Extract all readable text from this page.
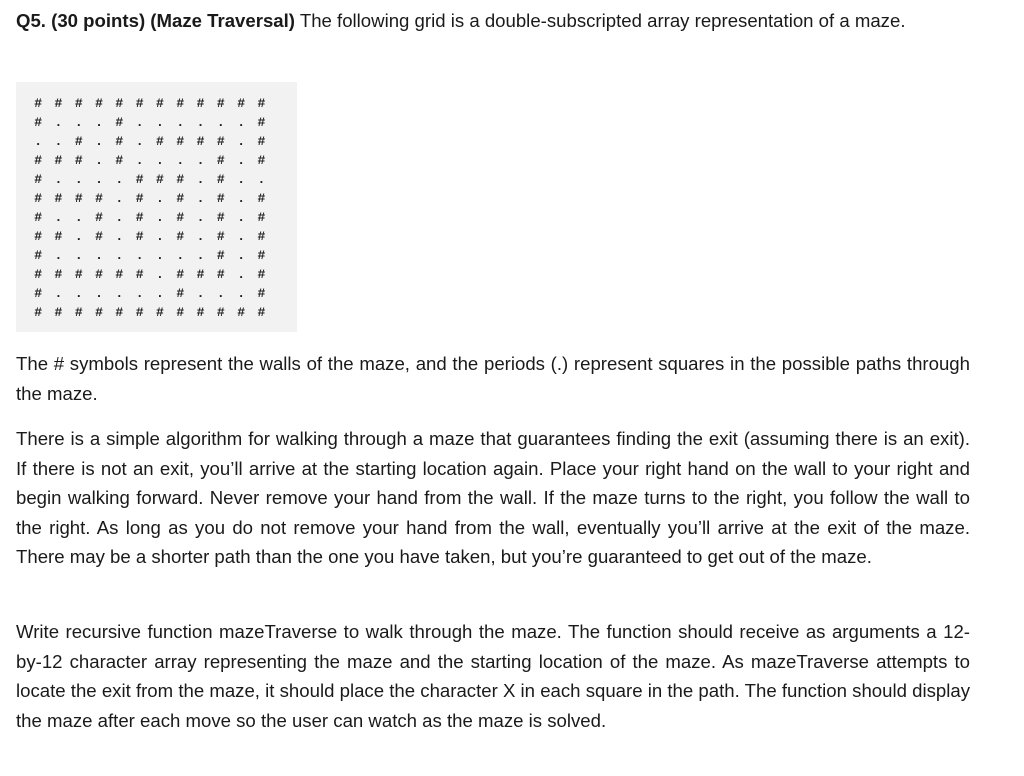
Q5. (30 points) (Maze Traversal) The following grid is a double-subscripted array representation of a maze.

# # # # # # # # # # # #
# . . . # . . . . . . #
. . # . # . # # # # . #
# # # . # . . . . # . #
# . . . . # # # . # . .
# # # # . # . # . # . #
# . . # . # . # . # . #
# # . # . # . # . # . #
# . . . . . . . . # . #
# # # # # # . # # # . #
# . . . . . . # . . . #
# # # # # # # # # # # #

The # symbols represent the walls of the maze, and the periods (.) represent squares in the possible paths through the maze.

There is a simple algorithm for walking through a maze that guarantees finding the exit (assuming there is an exit). If there is not an exit, you’ll arrive at the starting location again. Place your right hand on the wall to your right and begin walking forward. Never remove your hand from the wall. If the maze turns to the right, you follow the wall to the right. As long as you do not remove your hand from the wall, eventually you’ll arrive at the exit of the maze. There may be a shorter path than the one you have taken, but you’re guaranteed to get out of the maze.

Write recursive function mazeTraverse to walk through the maze. The function should receive as arguments a 12-by-12 character array representing the maze and the starting location of the maze. As mazeTraverse attempts to locate the exit from the maze, it should place the character X in each square in the path. The function should display the maze after each move so the user can watch as the maze is solved.
